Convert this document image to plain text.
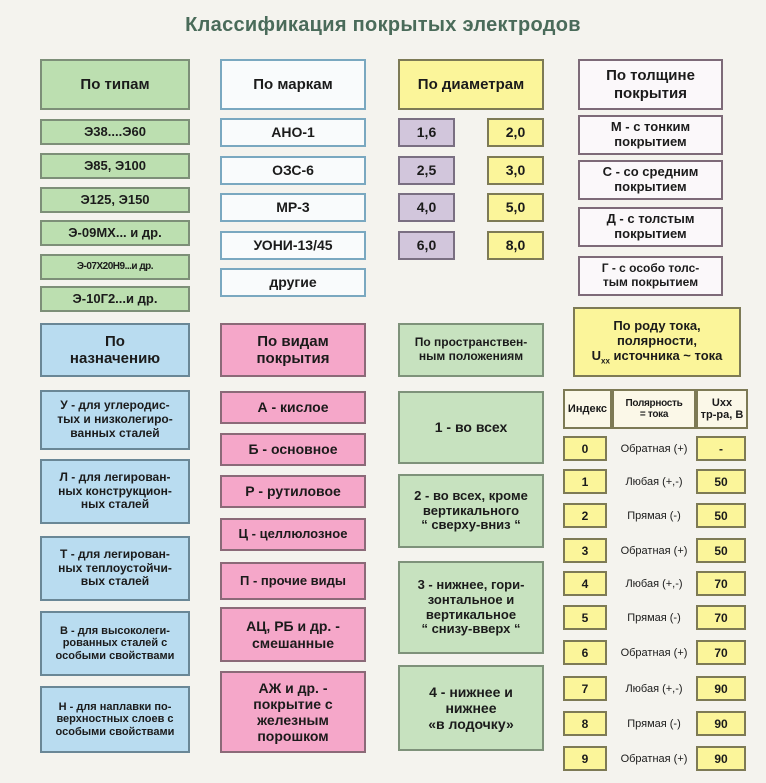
Классификация покрытых электродов
По типам
Э38....Э60
Э85, Э100
Э125, Э150
Э-09МХ... и др.
Э-07Х20Н9...и др.
Э-10Г2...и др.
По маркам
АНО-1
ОЗС-6
МР-3
УОНИ-13/45
другие
По диаметрам
1,6	2,0
2,5	3,0
4,0	5,0
6,0	8,0
По толщине
покрытия
М - с тонким
покрытием
С - со средним
покрытием
Д - с толстым
покрытием
Г - с особо толс-
тым покрытием
По
назначению
У - для углеродис-
тых и низколегиро-
ванных сталей
Л - для легирован-
ных конструкцион-
ных сталей
Т - для легирован-
ных теплоустойчи-
вых сталей
В - для высоколеги-
рованных сталей с
особыми свойствами
Н - для наплавки по-
верхностных слоев с
особыми свойствами
По видам
покрытия
А - кислое
Б - основное
Р - рутиловое
Ц - целлюлозное
П - прочие виды
АЦ, РБ и др. -
смешанные
АЖ и др. -
покрытие с
железным
порошком
По пространствен-
ным положениям
1 - во всех
2 - во всех, кроме
вертикального
“ сверху-вниз “
3 - нижнее, гори-
зонтальное и
вертикальное
“ снизу-вверх “
4 - нижнее и
нижнее
«в лодочку»
По роду тока,
полярности,
$U_{xx}$ источника ~ тока
Индекс	Полярность
= тока
Uxx
тр-ра, В
0	Обратная (+)	-
1	Любая (+,-)	50
2	Прямая (-)	50
3	Обратная (+)	50
4	Любая (+,-)	70
5	Прямая (-)	70
6	Обратная (+)	70
7	Любая (+,-)	90
8	Прямая (-)	90
9	Обратная (+)	90
